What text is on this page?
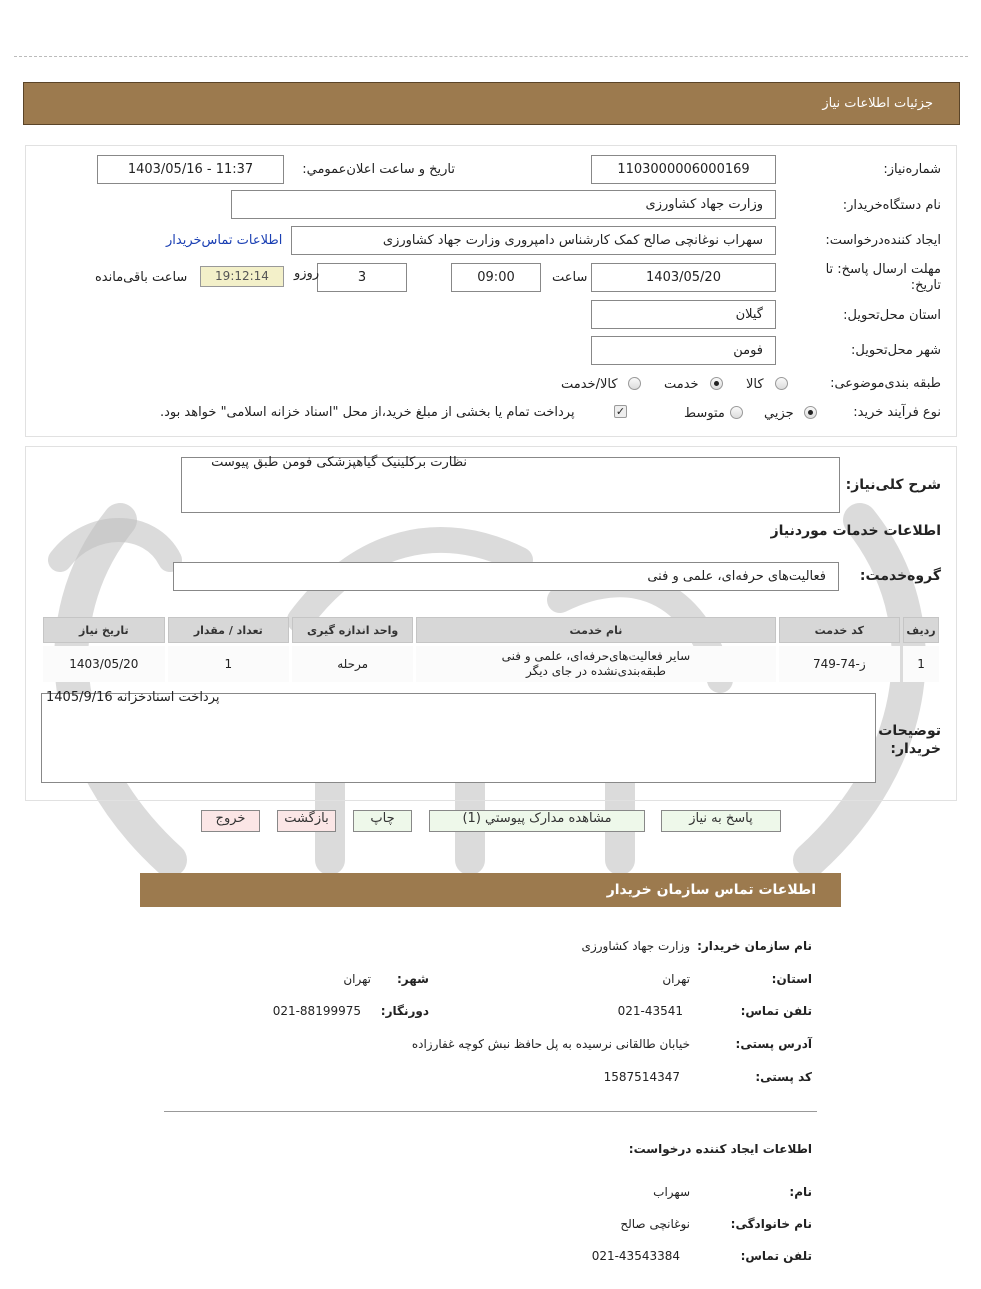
جزئیات اطلاعات نیاز
شماره‌نیاز:
1103000006000169
تاريخ و ساعت اعلان‌عمومي:
1403/05/16 - 11:37
نام دستگاه‌خریدار:
وزارت جهاد کشاورزی
ایجاد کننده‌درخواست:
سهراب نوغانچی صالح کمک کارشناس دامپروری وزارت جهاد کشاورزی
اطلاعات تماس‌خریدار
مهلت ارسال پاسخ: تا تاریخ:
1403/05/20
ساعت
09:00
3
روزو
19:12:14
ساعت باقی‌مانده
استان محل‌تحویل:
گیلان
شهر محل‌تحویل:
فومن
طبقه بندی‌موضوعی:
کالا
خدمت
کالا/خدمت
نوع فرآیند خرید:
جزيي
متوسط
✓
پرداخت تمام یا بخشی از مبلغ خرید،از محل "اسناد خزانه اسلامی" خواهد بود.
شرح کلی‌نیاز:
نظارت برکلینیک گیاهپزشکی فومن طبق پیوست
اطلاعات خدمات موردنیاز
گروه‌خدمت:
فعالیت‌های حرفه‌ای، علمی و فنی
ردیف	کد خدمت	نام خدمت	واحد اندازه گیری	تعداد / مقدار	تاریخ نیاز
1	ز-74-749	سایر فعالیت‌های‌حرفه‌ای، علمی و فنی طبقه‌بندی‌نشده در جای دیگر	مرحله	1	1403/05/20
توضیحات خریدار:
پرداخت اسنادخزانه 1405/9/16
پاسخ به نیاز
مشاهده مدارک پیوستي (1)
چاپ
بازگشت
خروج
اطلاعات تماس سازمان خریدار
نام سازمان خریدار:
وزارت جهاد کشاورزی
استان:
تهران
شهر:
تهران
تلفن تماس:
021-43541
دورنگار:
021-88199975
آدرس پستی:
خیابان طالقانی نرسیده به پل حافظ نبش کوچه غفارزاده
کد پستی:
1587514347
اطلاعات ایجاد کننده درخواست:
نام:
سهراب
نام خانوادگی:
نوغانچی صالح
تلفن تماس:
021-43543384
